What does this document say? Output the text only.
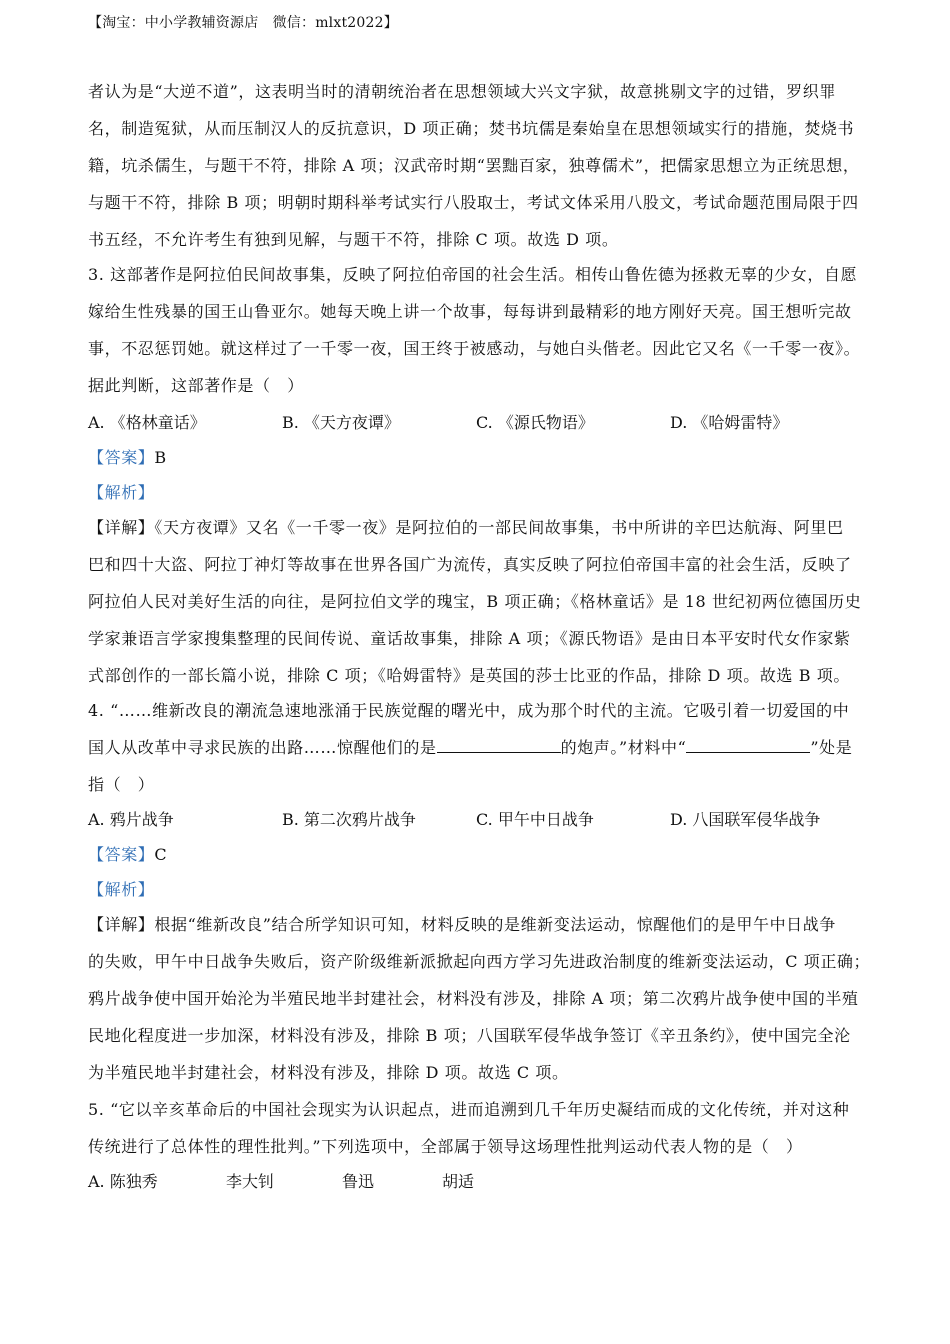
【淘宝：中小学教辅资源店　微信：mlxt2022】
者认为是“大逆不道”，这表明当时的清朝统治者在思想领域大兴文字狱，故意挑剔文字的过错，罗织罪
名，制造冤狱，从而压制汉人的反抗意识，D 项正确；焚书坑儒是秦始皇在思想领域实行的措施，焚烧书
籍，坑杀儒生，与题干不符，排除 A 项；汉武帝时期“罢黜百家，独尊儒术”，把儒家思想立为正统思想，
与题干不符，排除 B 项；明朝时期科举考试实行八股取士，考试文体采用八股文，考试命题范围局限于四
书五经，不允许考生有独到见解，与题干不符，排除 C 项。故选 D 项。
3. 这部著作是阿拉伯民间故事集，反映了阿拉伯帝国的社会生活。相传山鲁佐德为拯救无辜的少女，自愿
嫁给生性残暴的国王山鲁亚尔。她每天晚上讲一个故事，每每讲到最精彩的地方刚好天亮。国王想听完故
事，不忍惩罚她。就这样过了一千零一夜，国王终于被感动，与她白头偕老。因此它又名《一千零一夜》。
据此判断，这部著作是（　）
A. 《格林童话》	B. 《天方夜谭》	C. 《源氏物语》	D. 《哈姆雷特》
【答案】B
【解析】
【详解】《天方夜谭》又名《一千零一夜》是阿拉伯的一部民间故事集，书中所讲的辛巴达航海、阿里巴
巴和四十大盗、阿拉丁神灯等故事在世界各国广为流传，真实反映了阿拉伯帝国丰富的社会生活，反映了
阿拉伯人民对美好生活的向往，是阿拉伯文学的瑰宝，B 项正确；《格林童话》是 18 世纪初两位德国历史
学家兼语言学家搜集整理的民间传说、童话故事集，排除 A 项；《源氏物语》是由日本平安时代女作家紫
式部创作的一部长篇小说，排除 C 项；《哈姆雷特》是英国的莎士比亚的作品，排除 D 项。故选 B 项。
4. “……维新改良的潮流急速地涨涌于民族觉醒的曙光中，成为那个时代的主流。它吸引着一切爱国的中
国人从改革中寻求民族的出路……惊醒他们的是	的炮声。”材料中“	”处是
指（　）
A. 鸦片战争	B. 第二次鸦片战争	C. 甲午中日战争	D. 八国联军侵华战争
【答案】C
【解析】
【详解】根据“维新改良”结合所学知识可知，材料反映的是维新变法运动，惊醒他们的是甲午中日战争
的失败，甲午中日战争失败后，资产阶级维新派掀起向西方学习先进政治制度的维新变法运动，C 项正确；
鸦片战争使中国开始沦为半殖民地半封建社会，材料没有涉及，排除 A 项；第二次鸦片战争使中国的半殖
民地化程度进一步加深，材料没有涉及，排除 B 项；八国联军侵华战争签订《辛丑条约》，使中国完全沦
为半殖民地半封建社会，材料没有涉及，排除 D 项。故选 C 项。
5. “它以辛亥革命后的中国社会现实为认识起点，进而追溯到几千年历史凝结而成的文化传统，并对这种
传统进行了总体性的理性批判。”下列选项中，全部属于领导这场理性批判运动代表人物的是（　）
A. 陈独秀	李大钊	鲁迅	胡适
